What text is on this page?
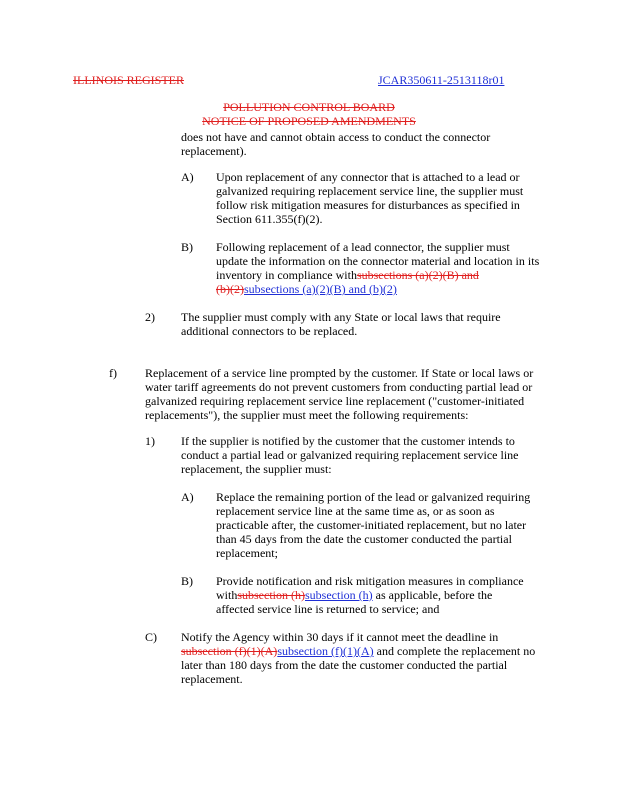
ILLINOIS REGISTER	JCAR350611-2513118r01
POLLUTION CONTROL BOARD
NOTICE OF PROPOSED AMENDMENTS
does not have and cannot obtain access to conduct the connector
replacement).
A) Upon replacement of any connector that is attached to a lead or
galvanized requiring replacement service line, the supplier must
follow risk mitigation measures for disturbances as specified in
Section 611.355(f)(2).
B) Following replacement of a lead connector, the supplier must
update the information on the connector material and location in its
inventory in compliance withsubsections (a)(2)(B) and
(b)(2)subsections (a)(2)(B) and (b)(2)
2) The supplier must comply with any State or local laws that require
additional connectors to be replaced.
f) Replacement of a service line prompted by the customer. If State or local laws or
water tariff agreements do not prevent customers from conducting partial lead or
galvanized requiring replacement service line replacement ("customer-initiated
replacements"), the supplier must meet the following requirements:
1) If the supplier is notified by the customer that the customer intends to
conduct a partial lead or galvanized requiring replacement service line
replacement, the supplier must:
A) Replace the remaining portion of the lead or galvanized requiring
replacement service line at the same time as, or as soon as
practicable after, the customer-initiated replacement, but no later
than 45 days from the date the customer conducted the partial
replacement;
B) Provide notification and risk mitigation measures in compliance
withsubsection (h)subsection (h) as applicable, before the
affected service line is returned to service; and
C) Notify the Agency within 30 days if it cannot meet the deadline in
subsection (f)(1)(A)subsection (f)(1)(A) and complete the replacement no
later than 180 days from the date the customer conducted the partial
replacement.
